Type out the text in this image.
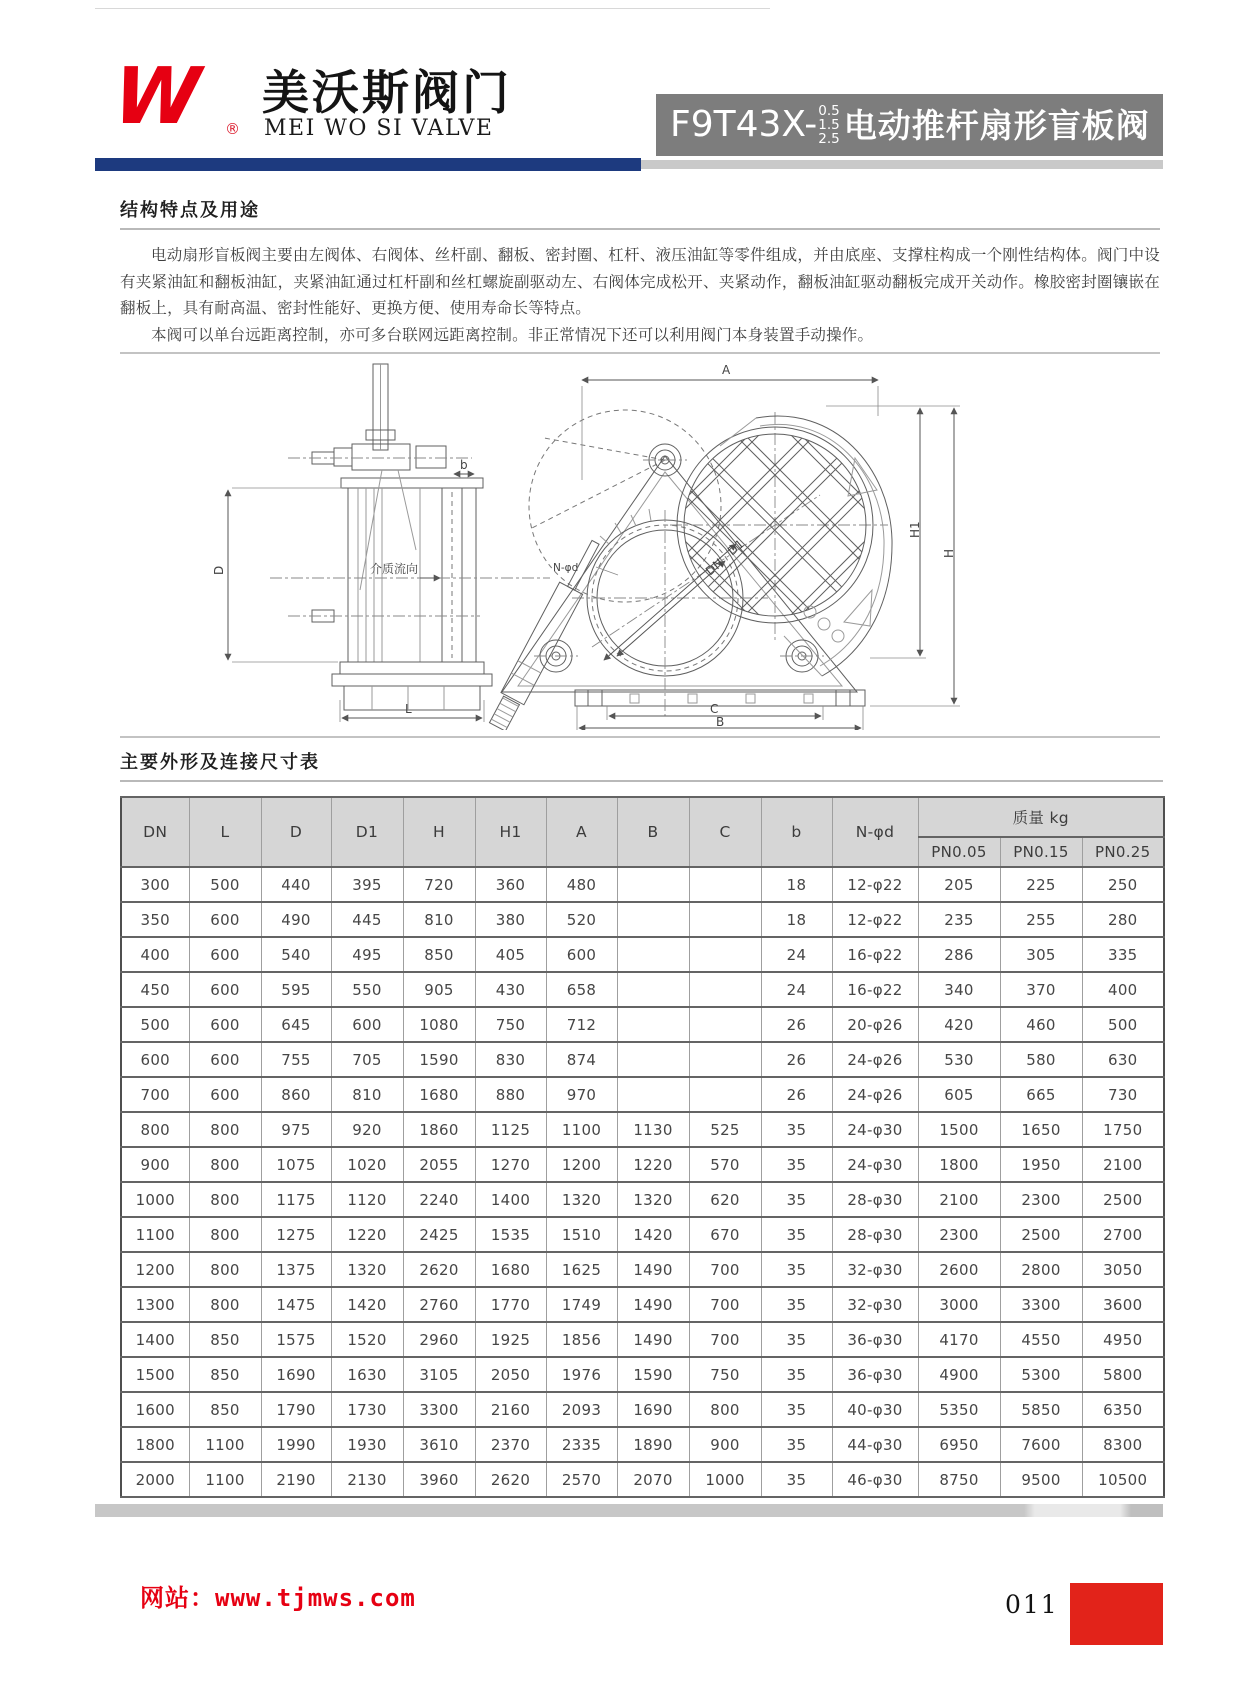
W ®
美沃斯阀门
MEI WO SI VALVE	F9T43X- 0.5
1.5
2.5 电动推杆扇形盲板阀
结构特点及用途

电动扇形盲板阀主要由左阀体、右阀体、丝杆副、翻板、密封圈、杠杆、液压油缸等零件组成，并由底座、支撑柱构成一个刚性结构体。阀门中设有夹紧油缸和翻板油缸，夹紧油缸通过杠杆副和丝杠螺旋副驱动左、右阀体完成松开、夹紧动作，翻板油缸驱动翻板完成开关动作。橡胶密封圈镶嵌在翻板上，具有耐高温、密封性能好、更换方便、使用寿命长等特点。

本阀可以单台远距离控制，亦可多台联网远距离控制。非正常情况下还可以利用阀门本身装置手动操作。

介质流向
D
L
b
D1
DN
N-φd
A
H1
H
C
B
主要外形及连接尺寸表
DN	L	D	D1	H	H1	A	B	C	b	N-φd	质量 kg		
											PN0.05	PN0.15	PN0.25
300	500	440	395	720	360	480			18	12-φ22	205	225	250
350	600	490	445	810	380	520			18	12-φ22	235	255	280
400	600	540	495	850	405	600			24	16-φ22	286	305	335
450	600	595	550	905	430	658			24	16-φ22	340	370	400
500	600	645	600	1080	750	712			26	20-φ26	420	460	500
600	600	755	705	1590	830	874			26	24-φ26	530	580	630
700	600	860	810	1680	880	970			26	24-φ26	605	665	730
800	800	975	920	1860	1125	1100	1130	525	35	24-φ30	1500	1650	1750
900	800	1075	1020	2055	1270	1200	1220	570	35	24-φ30	1800	1950	2100
1000	800	1175	1120	2240	1400	1320	1320	620	35	28-φ30	2100	2300	2500
1100	800	1275	1220	2425	1535	1510	1420	670	35	28-φ30	2300	2500	2700
1200	800	1375	1320	2620	1680	1625	1490	700	35	32-φ30	2600	2800	3050
1300	800	1475	1420	2760	1770	1749	1490	700	35	32-φ30	3000	3300	3600
1400	850	1575	1520	2960	1925	1856	1490	700	35	36-φ30	4170	4550	4950
1500	850	1690	1630	3105	2050	1976	1590	750	35	36-φ30	4900	5300	5800
1600	850	1790	1730	3300	2160	2093	1690	800	35	40-φ30	5350	5850	6350
1800	1100	1990	1930	3610	2370	2335	1890	900	35	44-φ30	6950	7600	8300
2000	1100	2190	2130	3960	2620	2570	2070	1000	35	46-φ30	8750	9500	10500
网站：www.tjmws.com	011
